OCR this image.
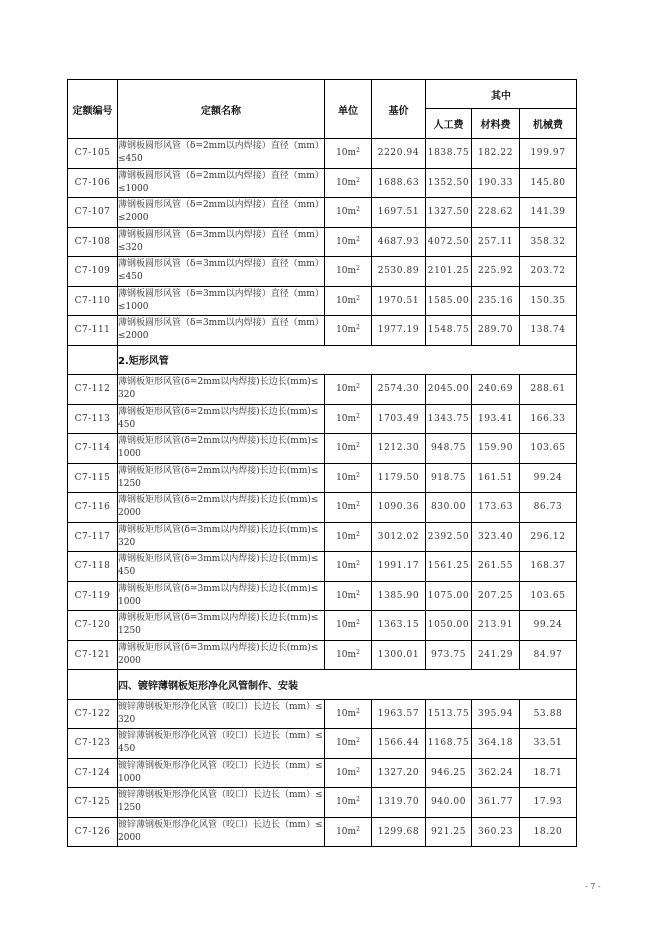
定额编号	定额名称	单位	基价	其中		
				人工费	材料费	机械费
C7-105	薄钢板圆形风管（δ=2mm以内焊接）直径（mm）≤450	$10m^2$	2220.94	1838.75	182.22	199.97
C7-106	薄钢板圆形风管（δ=2mm以内焊接）直径（mm）≤1000	$10m^2$	1688.63	1352.50	190.33	145.80
C7-107	薄钢板圆形风管（δ=2mm以内焊接）直径（mm）≤2000	$10m^2$	1697.51	1327.50	228.62	141.39
C7-108	薄钢板圆形风管（δ=3mm以内焊接）直径（mm）≤320	$10m^2$	4687.93	4072.50	257.11	358.32
C7-109	薄钢板圆形风管（δ=3mm以内焊接）直径（mm）≤450	$10m^2$	2530.89	2101.25	225.92	203.72
C7-110	薄钢板圆形风管（δ=3mm以内焊接）直径（mm）≤1000	$10m^2$	1970.51	1585.00	235.16	150.35
C7-111	薄钢板圆形风管（δ=3mm以内焊接）直径（mm）≤2000	$10m^2$	1977.19	1548.75	289.70	138.74
	2.矩形风管					
C7-112	薄钢板矩形风管(δ=2mm以内焊接)长边长(mm)≤320	$10m^2$	2574.30	2045.00	240.69	288.61
C7-113	薄钢板矩形风管(δ=2mm以内焊接)长边长(mm)≤450	$10m^2$	1703.49	1343.75	193.41	166.33
C7-114	薄钢板矩形风管(δ=2mm以内焊接)长边长(mm)≤1000	$10m^2$	1212.30	948.75	159.90	103.65
C7-115	薄钢板矩形风管(δ=2mm以内焊接)长边长(mm)≤1250	$10m^2$	1179.50	918.75	161.51	99.24
C7-116	薄钢板矩形风管(δ=2mm以内焊接)长边长(mm)≤2000	$10m^2$	1090.36	830.00	173.63	86.73
C7-117	薄钢板矩形风管(δ=3mm以内焊接)长边长(mm)≤320	$10m^2$	3012.02	2392.50	323.40	296.12
C7-118	薄钢板矩形风管(δ=3mm以内焊接)长边长(mm)≤450	$10m^2$	1991.17	1561.25	261.55	168.37
C7-119	薄钢板矩形风管(δ=3mm以内焊接)长边长(mm)≤1000	$10m^2$	1385.90	1075.00	207.25	103.65
C7-120	薄钢板矩形风管(δ=3mm以内焊接)长边长(mm)≤1250	$10m^2$	1363.15	1050.00	213.91	99.24
C7-121	薄钢板矩形风管(δ=3mm以内焊接)长边长(mm)≤2000	$10m^2$	1300.01	973.75	241.29	84.97
	四、镀锌薄钢板矩形净化风管制作、安装					
C7-122	镀锌薄钢板矩形净化风管（咬口）长边长（mm）≤320	$10m^2$	1963.57	1513.75	395.94	53.88
C7-123	镀锌薄钢板矩形净化风管（咬口）长边长（mm）≤450	$10m^2$	1566.44	1168.75	364.18	33.51
C7-124	镀锌薄钢板矩形净化风管（咬口）长边长（mm）≤1000	$10m^2$	1327.20	946.25	362.24	18.71
C7-125	镀锌薄钢板矩形净化风管（咬口）长边长（mm）≤1250	$10m^2$	1319.70	940.00	361.77	17.93
C7-126	镀锌薄钢板矩形净化风管（咬口）长边长（mm）≤2000	$10m^2$	1299.68	921.25	360.23	18.20
- 7 -
